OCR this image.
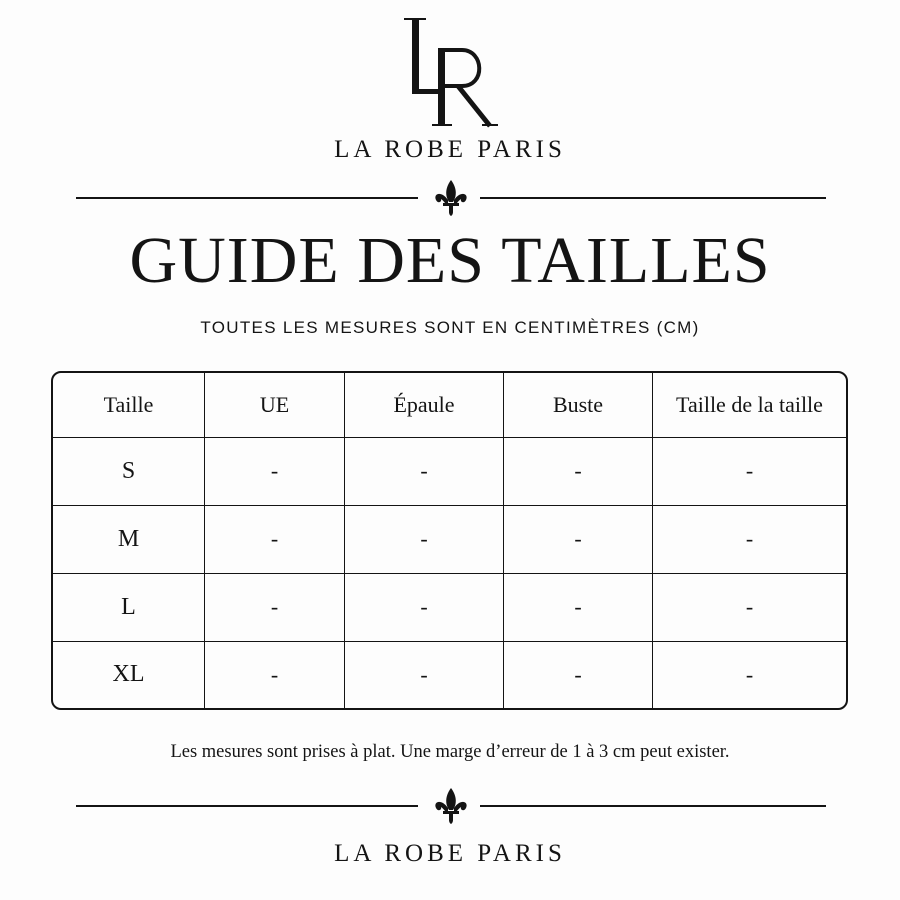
LA ROBE PARIS
GUIDE DES TAILLES
TOUTES LES MESURES SONT EN CENTIMÈTRES (CM)
Taille	UE	Épaule	Buste	Taille de la taille
S	-	-	-	-
M	-	-	-	-
L	-	-	-	-
XL	-	-	-	-
Les mesures sont prises à plat. Une marge d’erreur de 1 à 3 cm peut exister.
LA ROBE PARIS
